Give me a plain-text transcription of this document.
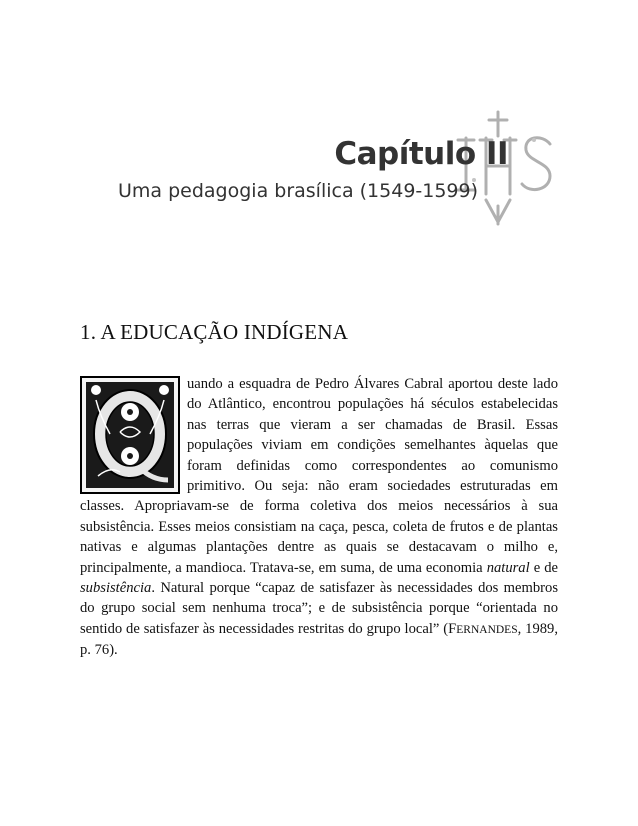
Capítulo II
Uma pedagogia brasílica (1549-1599)
1. A EDUCAÇÃO INDÍGENA

uando a esquadra de Pedro Álvares Cabral aportou deste lado do Atlântico, encontrou populações há séculos estabelecidas nas terras que vieram a ser chamadas de Brasil. Essas populações viviam em condições semelhantes àquelas que foram definidas como correspondentes ao comunismo primitivo. Ou seja: não eram sociedades estruturadas em classes. Apropriavam-se de forma coletiva dos meios necessários à sua subsistência. Esses meios consistiam na caça, pesca, coleta de frutos e de plantas nativas e algumas plantações dentre as quais se destacavam o milho e, principalmente, a mandioca. Tratava-se, em suma, de uma economia natural e de subsistência. Natural porque “capaz de satisfazer às necessidades dos membros do grupo social sem nenhuma troca”; e de subsistência porque “orientada no sentido de satisfazer às necessidades restritas do grupo local” (FERNANDES, 1989, p. 76).
